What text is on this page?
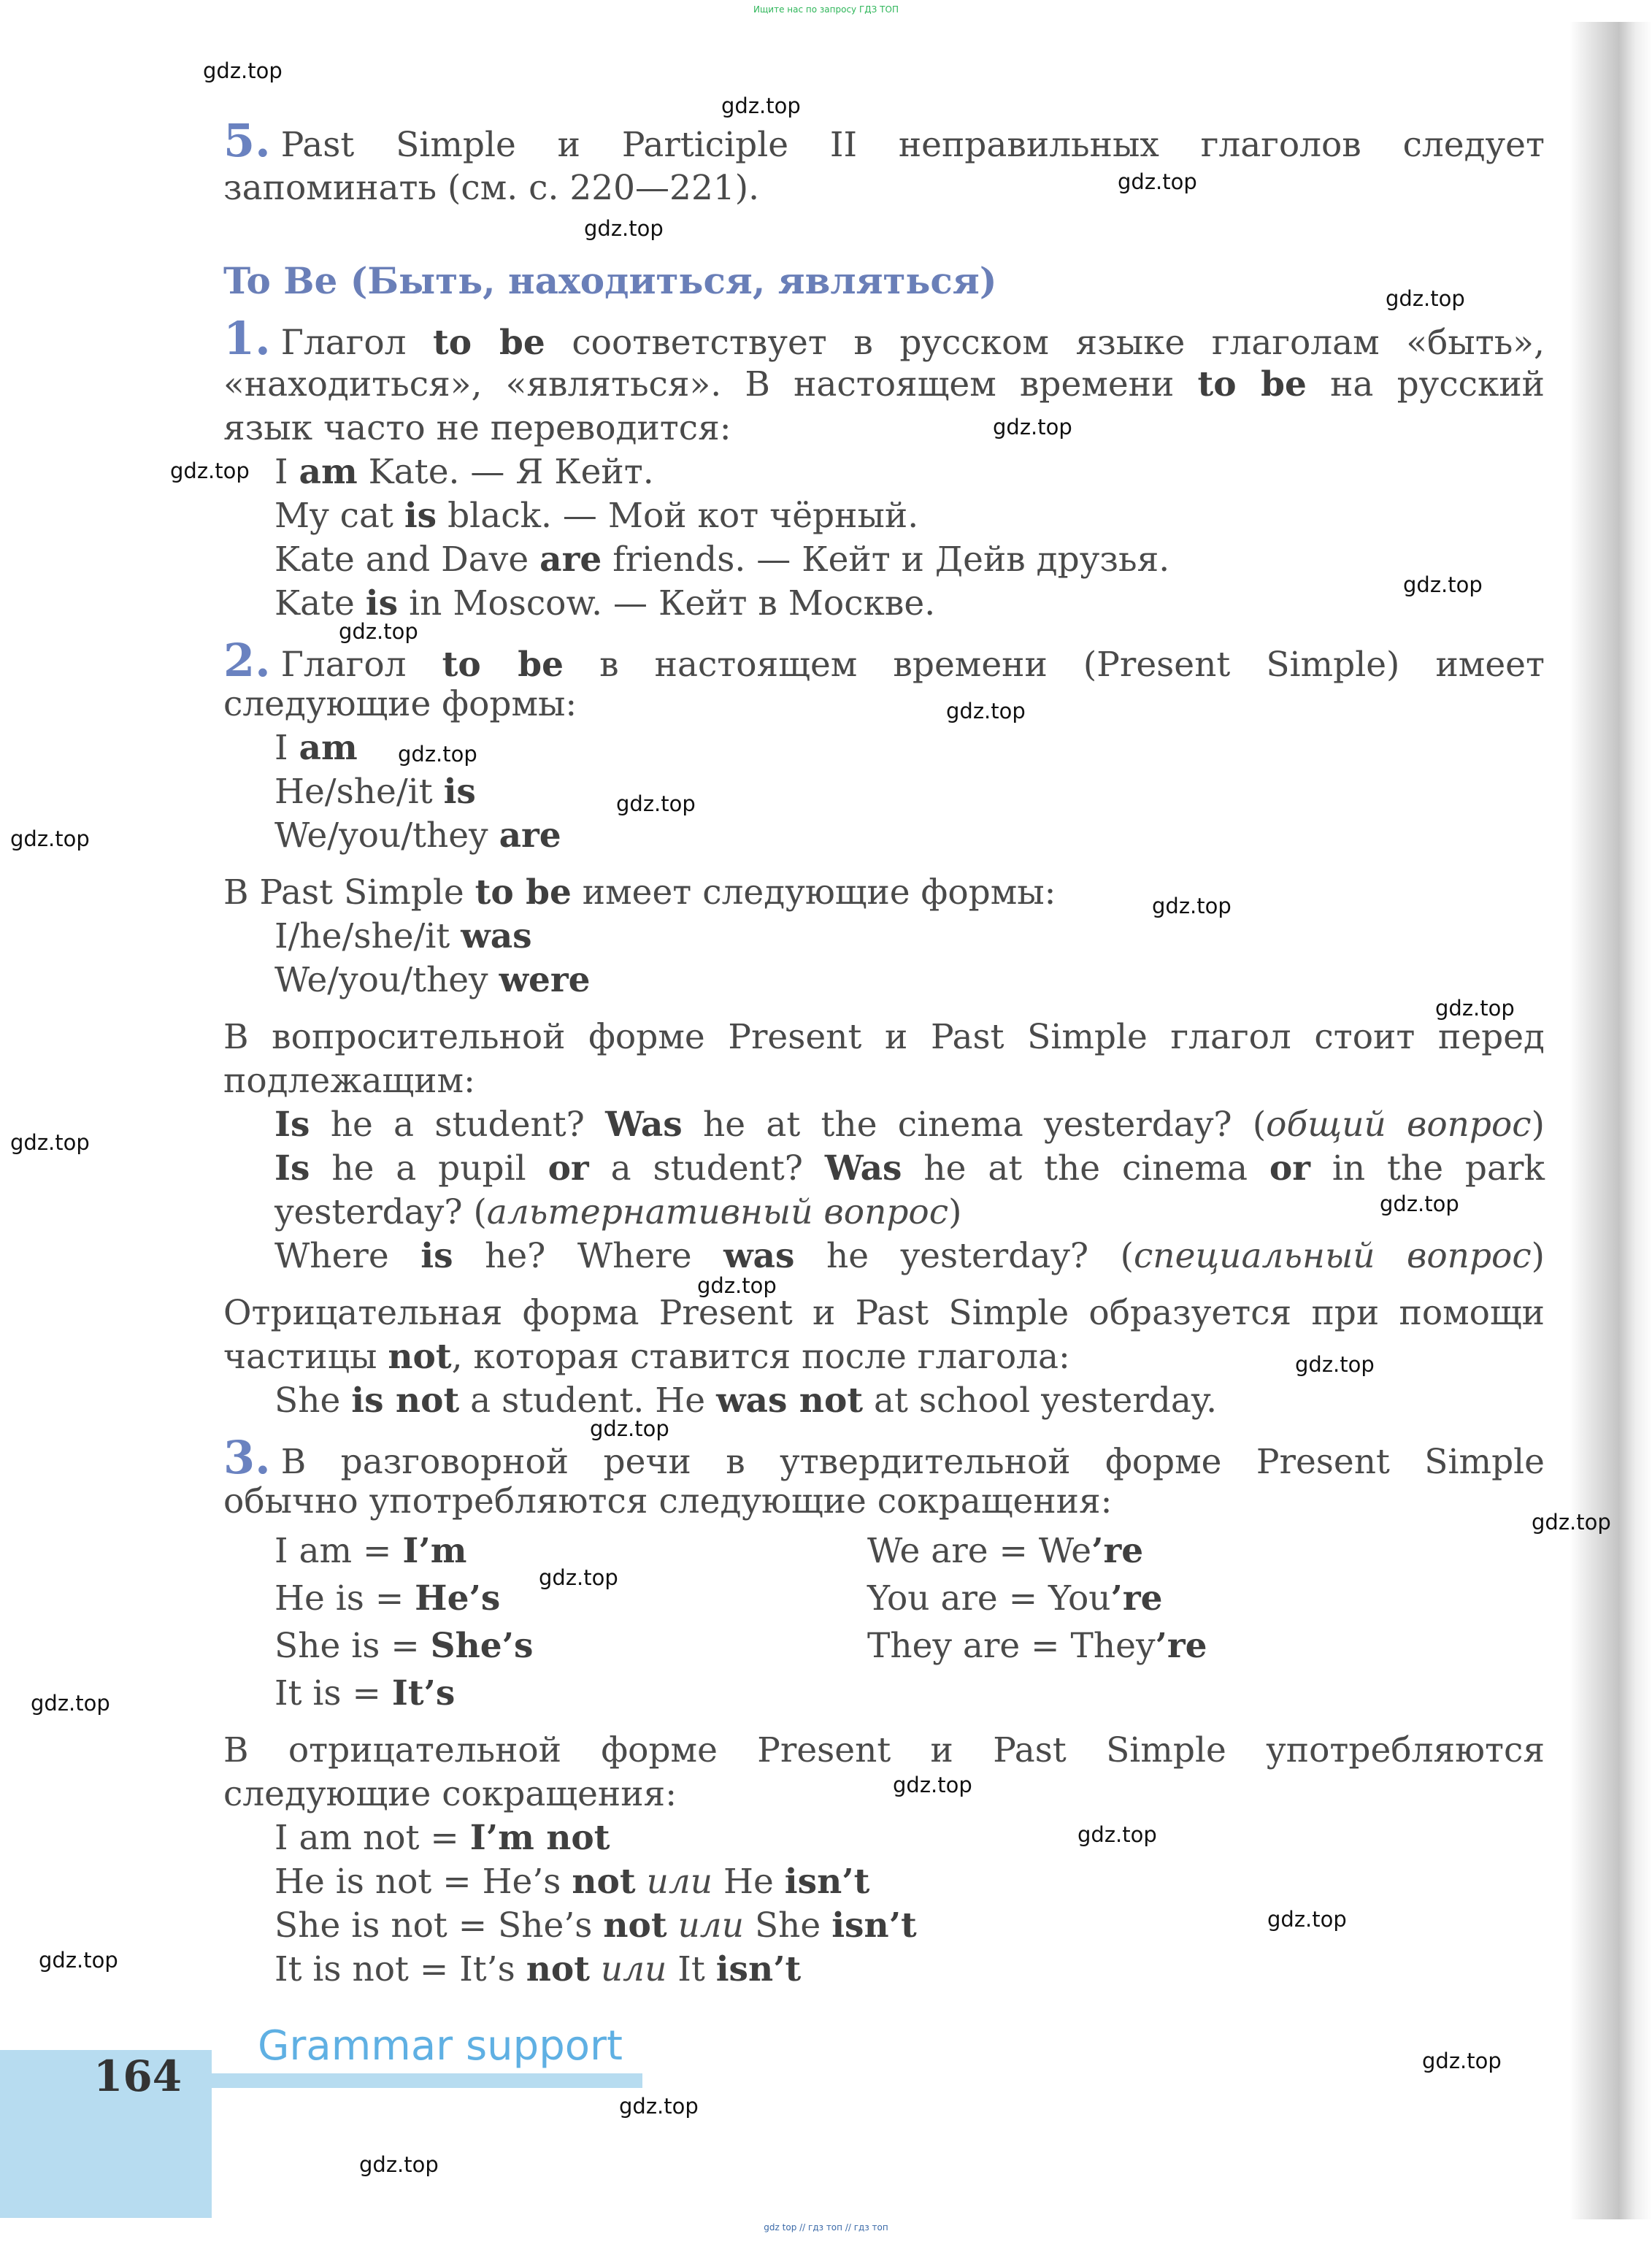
Ищите нас по запросу ГДЗ ТОП
5. Past Simple и Participle II неправильных глаголов следует
запоминать (см. с. 220—221).
To Be (Быть, находиться, являться)
1. Глагол to be соответствует в русском языке глаголам «быть»,
«находиться», «являться». В настоящем времени to be на русский
язык часто не переводится:
I am Kate. — Я Кейт.
My cat is black. — Мой кот чёрный.
Kate and Dave are friends. — Кейт и Дейв друзья.
Kate is in Moscow. — Кейт в Москве.
2. Глагол to be в настоящем времени (Present Simple) имеет
следующие формы:
I am
He/she/it is
We/you/they are
В Past Simple to be имеет следующие формы:
I/he/she/it was
We/you/they were
В вопросительной форме Present и Past Simple глагол стоит перед
подлежащим:
Is he a student? Was he at the cinema yesterday? (общий вопрос)
Is he a pupil or a student? Was he at the cinema or in the park
yesterday? (альтернативный вопрос)
Where is he? Where was he yesterday? (специальный вопрос)
Отрицательная форма Present и Past Simple образуется при помощи
частицы not, которая ставится после глагола:
She is not a student. He was not at school yesterday.
3. В разговорной речи в утвердительной форме Present Simple
обычно употребляются следующие сокращения:
I am = I’m
He is = He’s
She is = She’s
It is = It’s
We are = We’re
You are = You’re
They are = They’re
В отрицательной форме Present и Past Simple употребляются
следующие сокращения:
I am not = I’m not
He is not = He’s not или He isn’t
She is not = She’s not или She isn’t
It is not = It’s not или It isn’t
164
Grammar support
gdz top // гдз топ // гдз топ
gdz.top
gdz.top
gdz.top
gdz.top
gdz.top
gdz.top
gdz.top
gdz.top
gdz.top
gdz.top
gdz.top
gdz.top
gdz.top
gdz.top
gdz.top
gdz.top
gdz.top
gdz.top
gdz.top
gdz.top
gdz.top
gdz.top
gdz.top
gdz.top
gdz.top
gdz.top
gdz.top
gdz.top
gdz.top
gdz.top
